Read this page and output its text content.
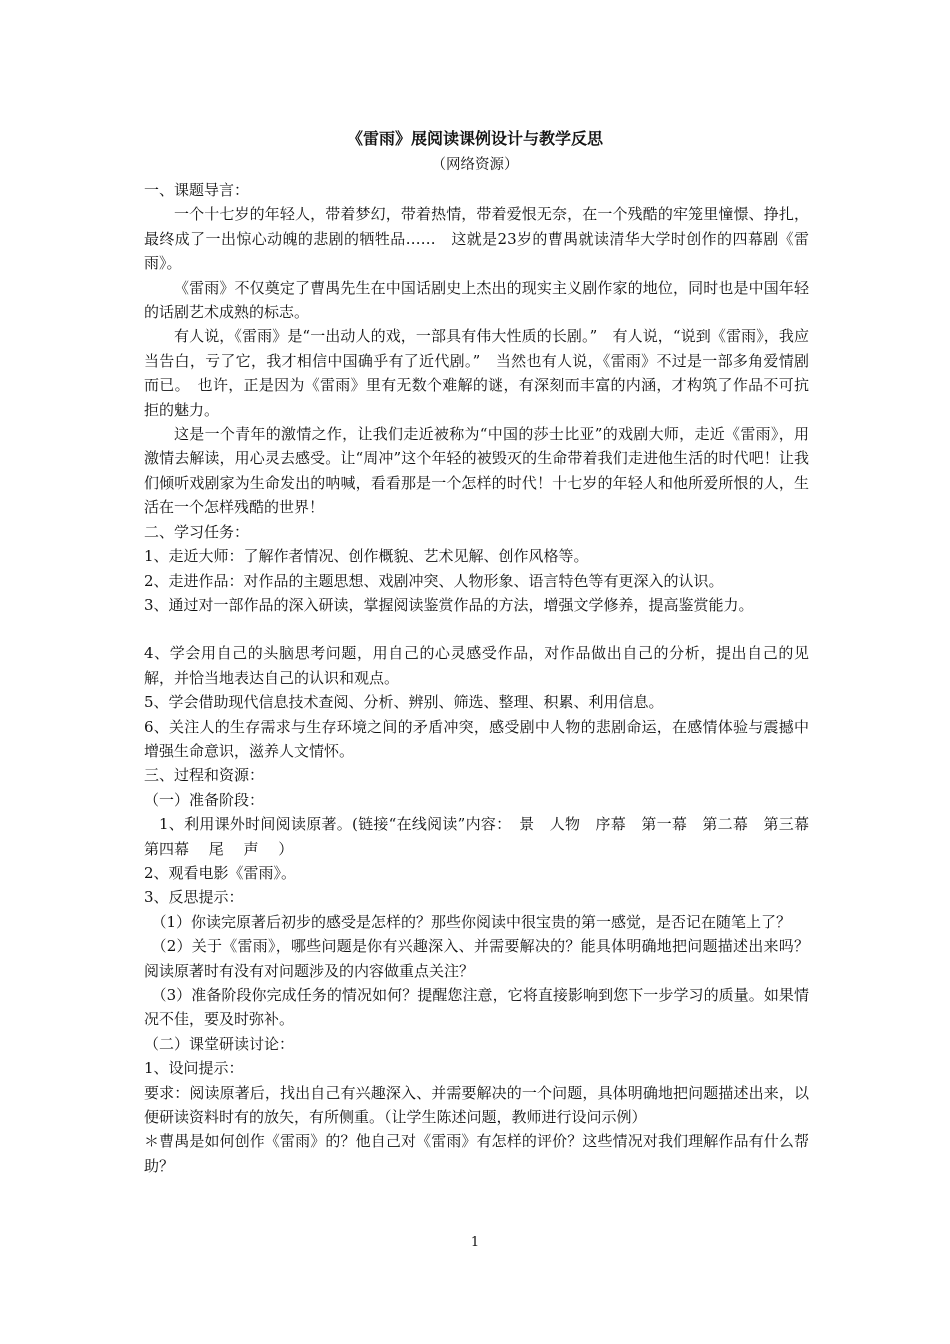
《雷雨》展阅读课例设计与教学反思
（网络资源）

一、课题导言：

一个十七岁的年轻人，带着梦幻，带着热情，带着爱恨无奈，在一个残酷的牢笼里憧憬、挣扎，最终成了一出惊心动魄的悲剧的牺牲品……　这就是23岁的曹禺就读清华大学时创作的四幕剧《雷雨》。

《雷雨》不仅奠定了曹禺先生在中国话剧史上杰出的现实主义剧作家的地位，同时也是中国年轻的话剧艺术成熟的标志。

有人说，《雷雨》是“一出动人的戏，一部具有伟大性质的长剧。”　有人说，“说到《雷雨》，我应当告白，亏了它，我才相信中国确乎有了近代剧。”　当然也有人说，《雷雨》不过是一部多角爱情剧而已。　也许，正是因为《雷雨》里有无数个难解的谜，有深刻而丰富的内涵，才构筑了作品不可抗拒的魅力。

这是一个青年的激情之作，让我们走近被称为“中国的莎士比亚”的戏剧大师，走近《雷雨》，用激情去解读，用心灵去感受。让“周冲”这个年轻的被毁灭的生命带着我们走进他生活的时代吧！让我们倾听戏剧家为生命发出的呐喊，看看那是一个怎样的时代！十七岁的年轻人和他所爱所恨的人，生活在一个怎样残酷的世界！

二、学习任务：

1、走近大师：了解作者情况、创作概貌、艺术见解、创作风格等。

2、走进作品：对作品的主题思想、戏剧冲突、人物形象、语言特色等有更深入的认识。

3、通过对一部作品的深入研读，掌握阅读鉴赏作品的方法，增强文学修养，提高鉴赏能力。

4、学会用自己的头脑思考问题，用自己的心灵感受作品，对作品做出自己的分析，提出自己的见解，并恰当地表达自己的认识和观点。

5、学会借助现代信息技术查阅、分析、辨别、筛选、整理、积累、利用信息。

6、关注人的生存需求与生存环境之间的矛盾冲突，感受剧中人物的悲剧命运，在感情体验与震撼中增强生命意识，滋养人文情怀。

三、过程和资源：

（一）准备阶段：

1、利用课外时间阅读原著。(链接“在线阅读”内容：　景　人物　序幕　第一幕　第二幕　第三幕　 第四幕　 尾　 声　 ）

2、观看电影《雷雨》。

3、反思提示：

（1）你读完原著后初步的感受是怎样的？那些你阅读中很宝贵的第一感觉，是否记在随笔上了？

（2）关于《雷雨》，哪些问题是你有兴趣深入、并需要解决的？能具体明确地把问题描述出来吗？阅读原著时有没有对问题涉及的内容做重点关注？

（3）准备阶段你完成任务的情况如何？提醒您注意，它将直接影响到您下一步学习的质量。如果情况不佳，要及时弥补。

（二）课堂研读讨论：

1、设问提示：

要求：阅读原著后，找出自己有兴趣深入、并需要解决的一个问题，具体明确地把问题描述出来，以便研读资料时有的放矢，有所侧重。（让学生陈述问题，教师进行设问示例）

＊曹禺是如何创作《雷雨》的？他自己对《雷雨》有怎样的评价？这些情况对我们理解作品有什么帮助？

1
